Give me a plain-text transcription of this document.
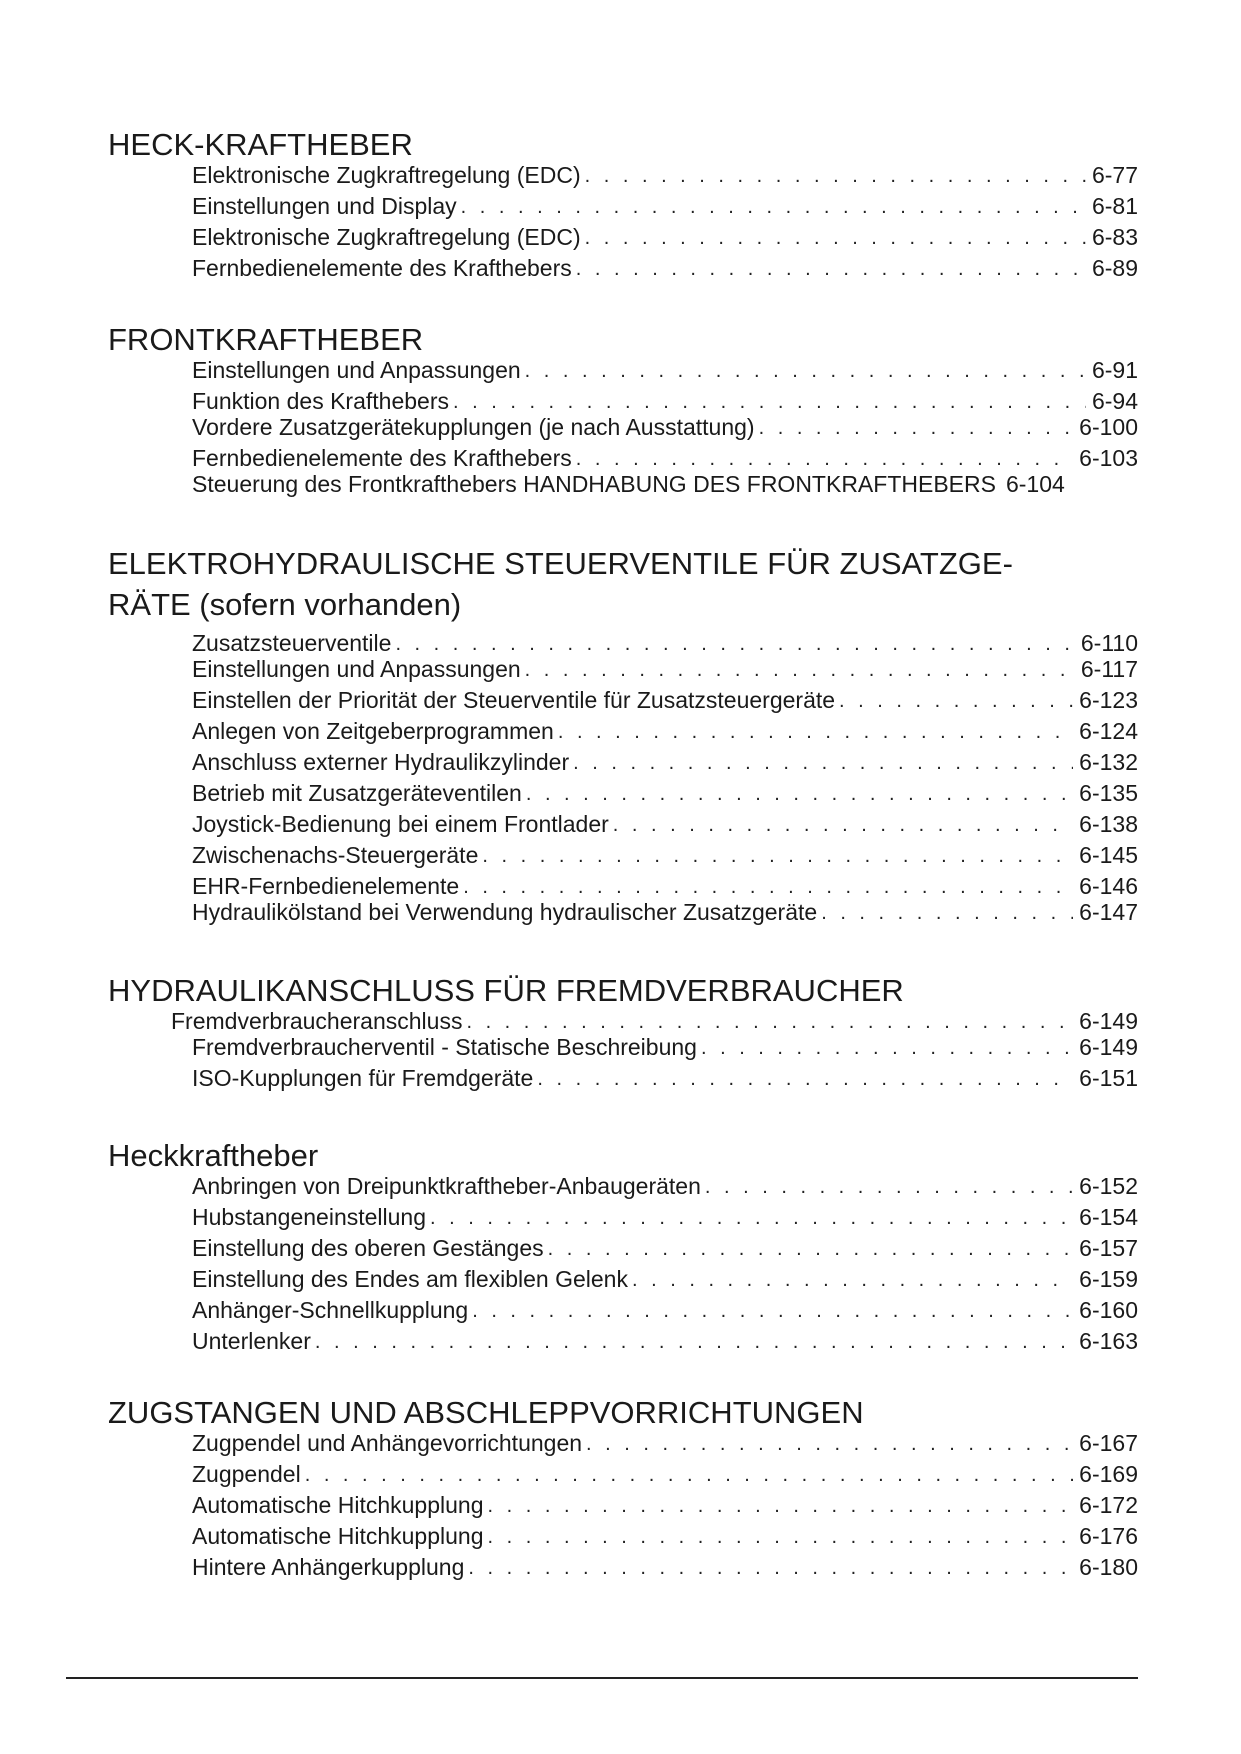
HECK-KRAFTHEBER
Elektronische Zugkraftregelung (EDC) . . .	6-77
Einstellungen und Display . . .	6-81
Elektronische Zugkraftregelung (EDC) . . .	6-83
Fernbedienelemente des Krafthebers . . .	6-89
FRONTKRAFTHEBER
Einstellungen und Anpassungen . . .	6-91
Funktion des Krafthebers . . .	6-94
Vordere Zusatzgerätekupplungen (je nach Ausstattung) . . .	6-100
Fernbedienelemente des Krafthebers . . .	6-103
Steuerung des Frontkrafthebers HANDHABUNG DES FRONTKRAFTHEBERS 6-104
ELEKTROHYDRAULISCHE STEUERVENTILE FÜR ZUSATZGE-
RÄTE (sofern vorhanden)
Zusatzsteuerventile . . .	6-110
Einstellungen und Anpassungen . . .	6-117
Einstellen der Priorität der Steuerventile für Zusatzsteuergeräte . . .	6-123
Anlegen von Zeitgeberprogrammen . . .	6-124
Anschluss externer Hydraulikzylinder . . .	6-132
Betrieb mit Zusatzgeräteventilen . . .	6-135
Joystick-Bedienung bei einem Frontlader . . .	6-138
Zwischenachs-Steuergeräte . . .	6-145
EHR-Fernbedienelemente . . .	6-146
Hydraulikölstand bei Verwendung hydraulischer Zusatzgeräte . . .	6-147
HYDRAULIKANSCHLUSS FÜR FREMDVERBRAUCHER
Fremdverbraucheranschluss . . .	6-149
Fremdverbraucherventil - Statische Beschreibung . . .	6-149
ISO-Kupplungen für Fremdgeräte . . .	6-151
Heckkraftheber
Anbringen von Dreipunktkraftheber-Anbaugeräten . . .	6-152
Hubstangeneinstellung . . .	6-154
Einstellung des oberen Gestänges . . .	6-157
Einstellung des Endes am flexiblen Gelenk . . .	6-159
Anhänger-Schnellkupplung . . .	6-160
Unterlenker . . .	6-163
ZUGSTANGEN UND ABSCHLEPPVORRICHTUNGEN
Zugpendel und Anhängevorrichtungen . . .	6-167
Zugpendel . . .	6-169
Automatische Hitchkupplung . . .	6-172
Automatische Hitchkupplung . . .	6-176
Hintere Anhängerkupplung . . .	6-180
